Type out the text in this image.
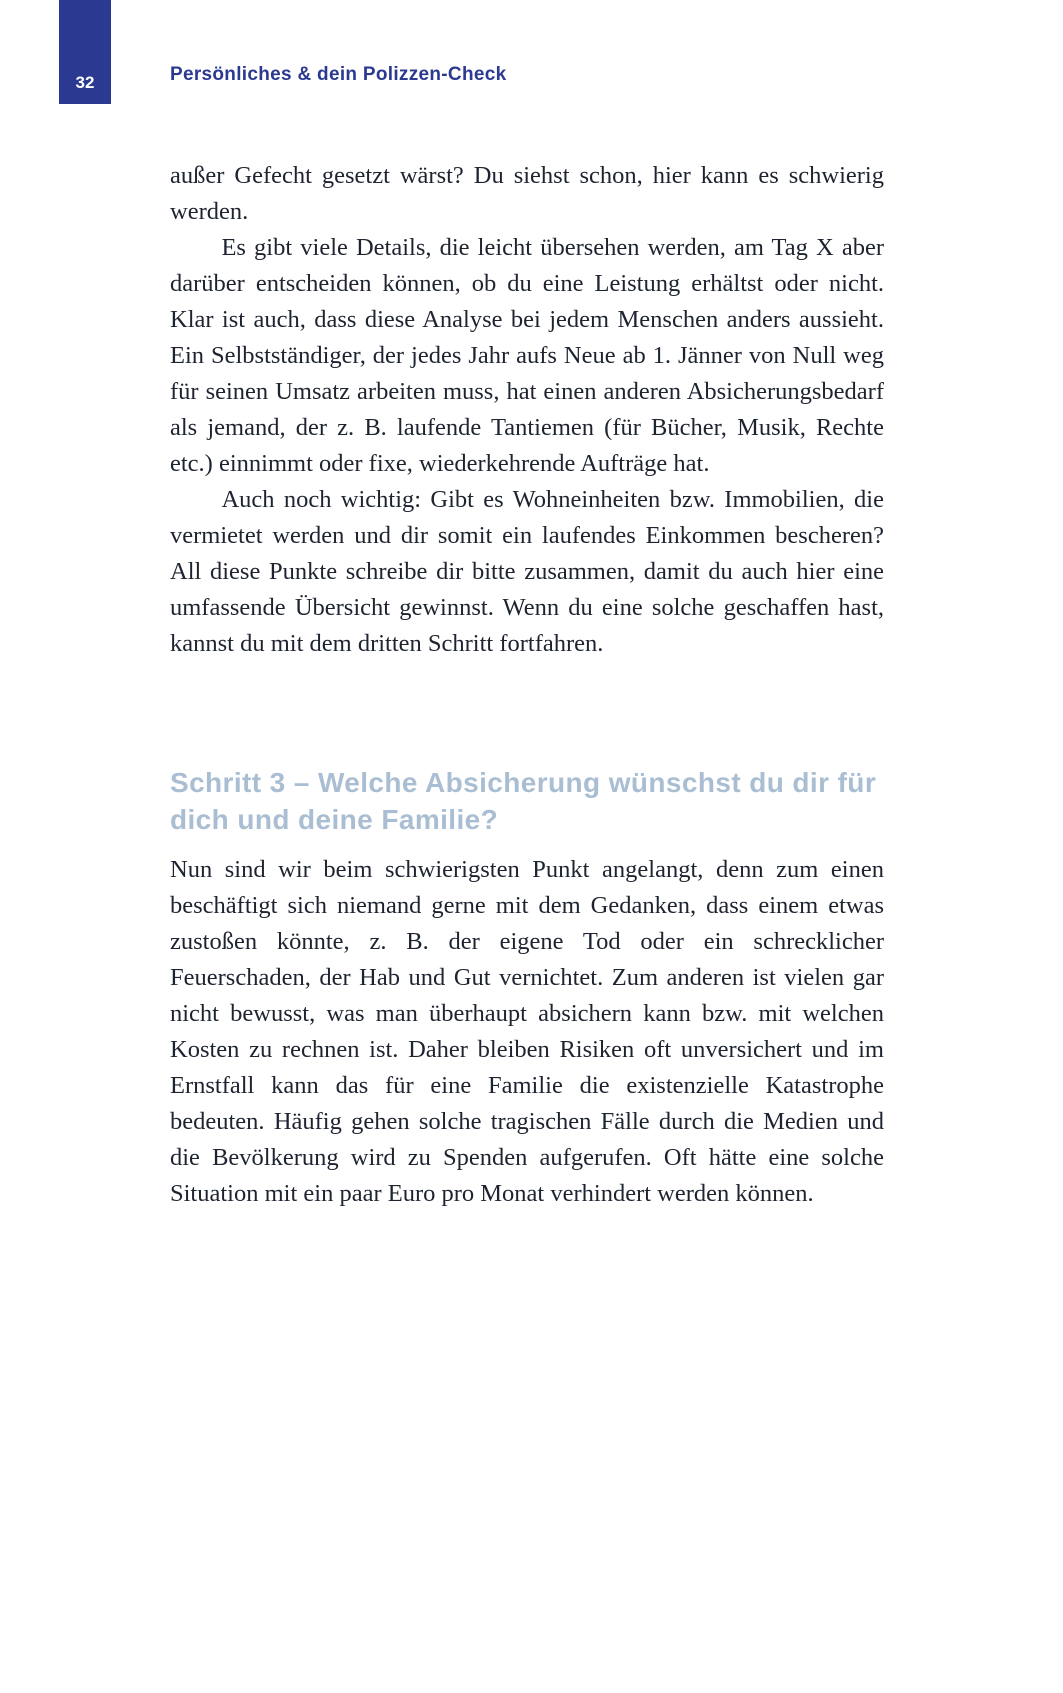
32	Persönliches & dein Polizzen-Check

außer Gefecht gesetzt wärst? Du siehst schon, hier kann es schwierig werden.

Es gibt viele Details, die leicht übersehen werden, am Tag X aber darüber entscheiden können, ob du eine Leistung erhältst oder nicht. Klar ist auch, dass diese Analyse bei jedem Menschen anders aussieht. Ein Selbstständiger, der jedes Jahr aufs Neue ab 1. Jänner von Null weg für seinen Umsatz arbeiten muss, hat einen anderen Absicherungsbedarf als jemand, der z. B. laufende Tantiemen (für Bücher, Musik, Rechte etc.) einnimmt oder fixe, wiederkehrende Aufträge hat.

Auch noch wichtig: Gibt es Wohneinheiten bzw. Immobilien, die vermietet werden und dir somit ein laufendes Einkommen bescheren? All diese Punkte schreibe dir bitte zusammen, damit du auch hier eine umfassende Übersicht gewinnst. Wenn du eine solche geschaffen hast, kannst du mit dem dritten Schritt fortfahren.

Schritt 3 – Welche Absicherung wünschst du dir für dich und deine Familie?

Nun sind wir beim schwierigsten Punkt angelangt, denn zum einen beschäftigt sich niemand gerne mit dem Gedanken, dass einem etwas zustoßen könnte, z. B. der eigene Tod oder ein schrecklicher Feuerschaden, der Hab und Gut vernichtet. Zum anderen ist vielen gar nicht bewusst, was man überhaupt absichern kann bzw. mit welchen Kosten zu rechnen ist. Daher bleiben Risiken oft unversichert und im Ernstfall kann das für eine Familie die existenzielle Katastrophe bedeuten. Häufig gehen solche tragischen Fälle durch die Medien und die Bevölkerung wird zu Spenden aufgerufen. Oft hätte eine solche Situation mit ein paar Euro pro Monat verhindert werden können.
